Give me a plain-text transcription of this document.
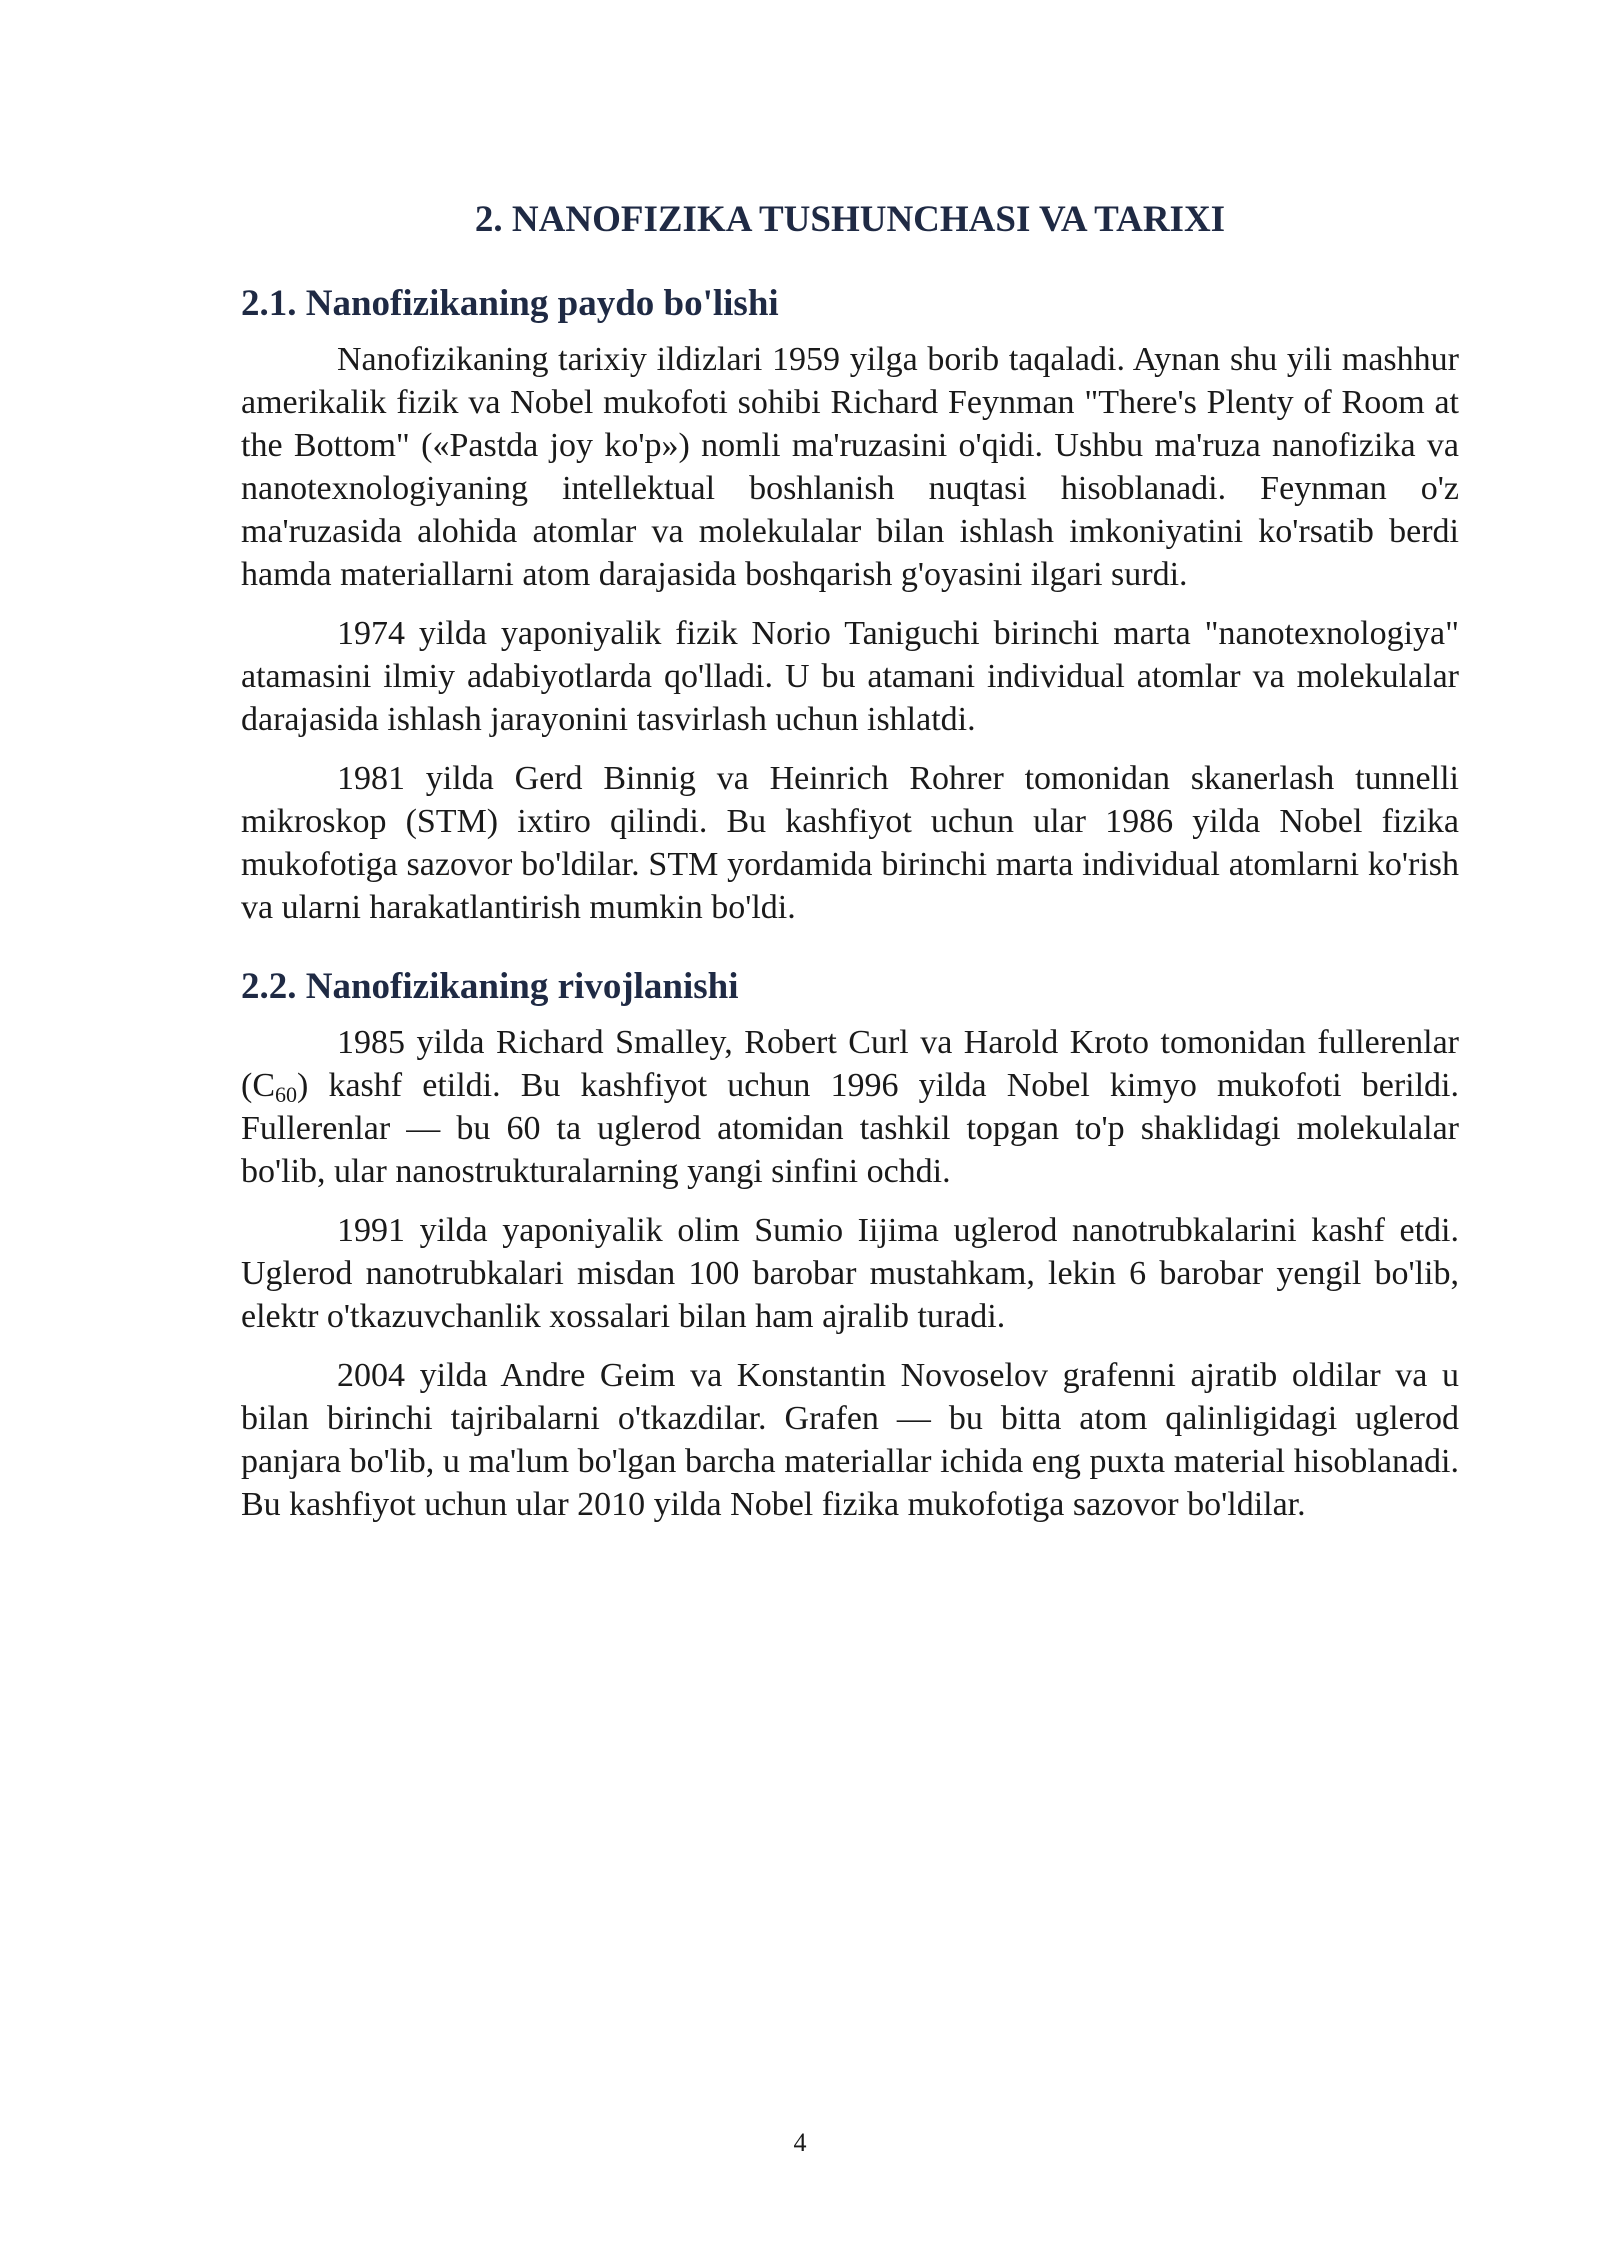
2. NANOFIZIKA TUSHUNCHASI VA TARIXI
2.1. Nanofizikaning paydo bo'lishi

Nanofizikaning tarixiy ildizlari 1959 yilga borib taqaladi. Aynan shu yili mashhur amerikalik fizik va Nobel mukofoti sohibi Richard Feynman "There's Plenty of Room at the Bottom" («Pastda joy ko'p») nomli ma'ruzasini o'qidi. Ushbu ma'ruza nanofizika va nanotexnologiyaning intellektual boshlanish nuqtasi hisoblanadi. Feynman o'z ma'ruzasida alohida atomlar va molekulalar bilan ishlash imkoniyatini ko'rsatib berdi hamda materiallarni atom darajasida boshqarish g'oyasini ilgari surdi.

1974 yilda yaponiyalik fizik Norio Taniguchi birinchi marta "nanotexnologiya" atamasini ilmiy adabiyotlarda qo'lladi. U bu atamani individual atomlar va molekulalar darajasida ishlash jarayonini tasvirlash uchun ishlatdi.

1981 yilda Gerd Binnig va Heinrich Rohrer tomonidan skanerlash tunnelli mikroskop (STM) ixtiro qilindi. Bu kashfiyot uchun ular 1986 yilda Nobel fizika mukofotiga sazovor bo'ldilar. STM yordamida birinchi marta individual atomlarni ko'rish va ularni harakatlantirish mumkin bo'ldi.

2.2. Nanofizikaning rivojlanishi

1985 yilda Richard Smalley, Robert Curl va Harold Kroto tomonidan fullerenlar $(C_{60})$ kashf etildi. Bu kashfiyot uchun 1996 yilda Nobel kimyo mukofoti berildi. Fullerenlar — bu 60 ta uglerod atomidan tashkil topgan to'p shaklidagi molekulalar bo'lib, ular nanostrukturalarning yangi sinfini ochdi.

1991 yilda yaponiyalik olim Sumio Iijima uglerod nanotrubkalarini kashf etdi. Uglerod nanotrubkalari misdan 100 barobar mustahkam, lekin 6 barobar yengil bo'lib, elektr o'tkazuvchanlik xossalari bilan ham ajralib turadi.

2004 yilda Andre Geim va Konstantin Novoselov grafenni ajratib oldilar va u bilan birinchi tajribalarni o'tkazdilar. Grafen — bu bitta atom qalinligidagi uglerod panjara bo'lib, u ma'lum bo'lgan barcha materiallar ichida eng puxta material hisoblanadi. Bu kashfiyot uchun ular 2010 yilda Nobel fizika mukofotiga sazovor bo'ldilar.

4
